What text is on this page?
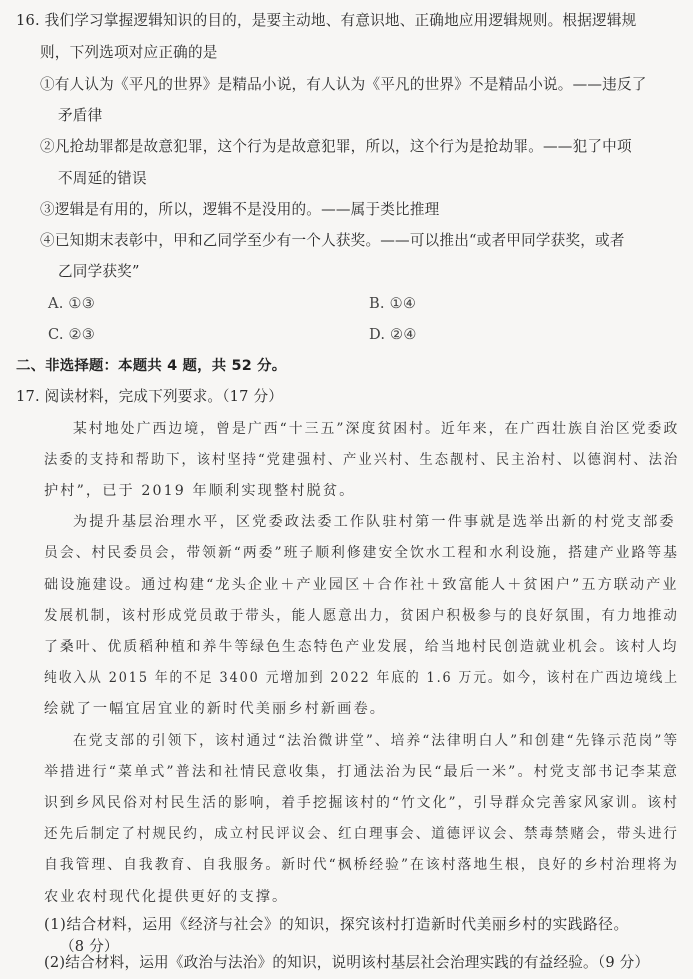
16. 我们学习掌握逻辑知识的目的，是要主动地、有意识地、正确地应用逻辑规则。根据逻辑规
则，下列选项对应正确的是
①有人认为《平凡的世界》是精品小说，有人认为《平凡的世界》不是精品小说。——违反了
矛盾律
②凡抢劫罪都是故意犯罪，这个行为是故意犯罪，所以，这个行为是抢劫罪。——犯了中项
不周延的错误
③逻辑是有用的，所以，逻辑不是没用的。——属于类比推理
④已知期末表彰中，甲和乙同学至少有一个人获奖。——可以推出“或者甲同学获奖，或者
乙同学获奖”
A. ①③	B. ①④
C. ②③	D. ②④
二、非选择题：本题共 4 题，共 52 分。
17. 阅读材料，完成下列要求。（17 分）
某村地处广西边境，曾是广西“十三五”深度贫困村。近年来，在广西壮族自治区党委政
法委的支持和帮助下，该村坚持“党建强村、产业兴村、生态靓村、民主治村、以德润村、法治
护村”，已于 2019 年顺利实现整村脱贫。
为提升基层治理水平，区党委政法委工作队驻村第一件事就是选举出新的村党支部委
员会、村民委员会，带领新“两委”班子顺利修建安全饮水工程和水利设施，搭建产业路等基
础设施建设。通过构建“龙头企业＋产业园区＋合作社＋致富能人＋贫困户”五方联动产业
发展机制，该村形成党员敢于带头，能人愿意出力，贫困户积极参与的良好氛围，有力地推动
了桑叶、优质稻种植和养牛等绿色生态特色产业发展，给当地村民创造就业机会。该村人均
纯收入从 2015 年的不足 3400 元增加到 2022 年底的 1.6 万元。如今，该村在广西边境线上
绘就了一幅宜居宜业的新时代美丽乡村新画卷。
在党支部的引领下，该村通过“法治微讲堂”、培养“法律明白人”和创建“先锋示范岗”等
举措进行“菜单式”普法和社情民意收集，打通法治为民“最后一米”。村党支部书记李某意
识到乡风民俗对村民生活的影响，着手挖掘该村的“竹文化”，引导群众完善家风家训。该村
还先后制定了村规民约，成立村民评议会、红白理事会、道德评议会、禁毒禁赌会，带头进行
自我管理、自我教育、自我服务。新时代“枫桥经验”在该村落地生根，良好的乡村治理将为
农业农村现代化提供更好的支撑。
(1)结合材料，运用《经济与社会》的知识，探究该村打造新时代美丽乡村的实践路径。
（8 分）
(2)结合材料，运用《政治与法治》的知识，说明该村基层社会治理实践的有益经验。（9 分）
